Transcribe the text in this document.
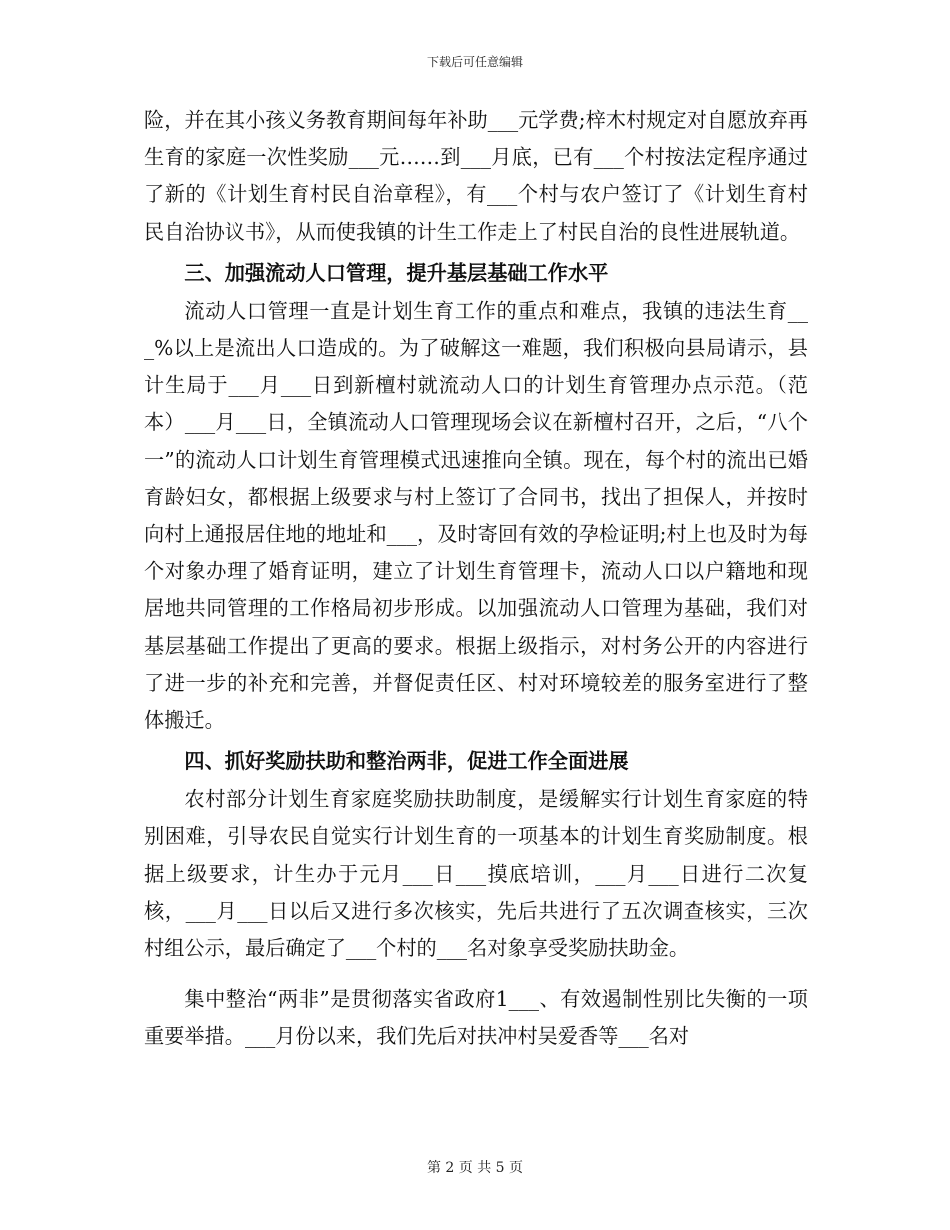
下载后可任意编辑

险，并在其小孩义务教育期间每年补助___元学费;梓木村规定对自愿放弃再生育的家庭一次性奖励___元……到___月底，已有___个村按法定程序通过了新的《计划生育村民自治章程》，有___个村与农户签订了《计划生育村民自治协议书》，从而使我镇的计生工作走上了村民自治的良性进展轨道。

三、加强流动人口管理，提升基层基础工作水平

流动人口管理一直是计划生育工作的重点和难点，我镇的违法生育___%以上是流出人口造成的。为了破解这一难题，我们积极向县局请示，县计生局于___月___日到新檀村就流动人口的计划生育管理办点示范。（范本）___月___日，全镇流动人口管理现场会议在新檀村召开，之后，“八个一”的流动人口计划生育管理模式迅速推向全镇。现在，每个村的流出已婚育龄妇女，都根据上级要求与村上签订了合同书，找出了担保人，并按时向村上通报居住地的地址和___，及时寄回有效的孕检证明;村上也及时为每个对象办理了婚育证明，建立了计划生育管理卡，流动人口以户籍地和现居地共同管理的工作格局初步形成。以加强流动人口管理为基础，我们对基层基础工作提出了更高的要求。根据上级指示，对村务公开的内容进行了进一步的补充和完善，并督促责任区、村对环境较差的服务室进行了整体搬迁。

四、抓好奖励扶助和整治两非，促进工作全面进展

农村部分计划生育家庭奖励扶助制度，是缓解实行计划生育家庭的特别困难，引导农民自觉实行计划生育的一项基本的计划生育奖励制度。根据上级要求，计生办于元月___日___摸底培训，___月___日进行二次复核，___月___日以后又进行多次核实，先后共进行了五次调查核实，三次村组公示，最后确定了___个村的___名对象享受奖励扶助金。

集中整治“两非”是贯彻落实省政府1___、有效遏制性别比失衡的一项重要举措。___月份以来，我们先后对扶冲村吴爱香等___名对

第 2 页 共 5 页
